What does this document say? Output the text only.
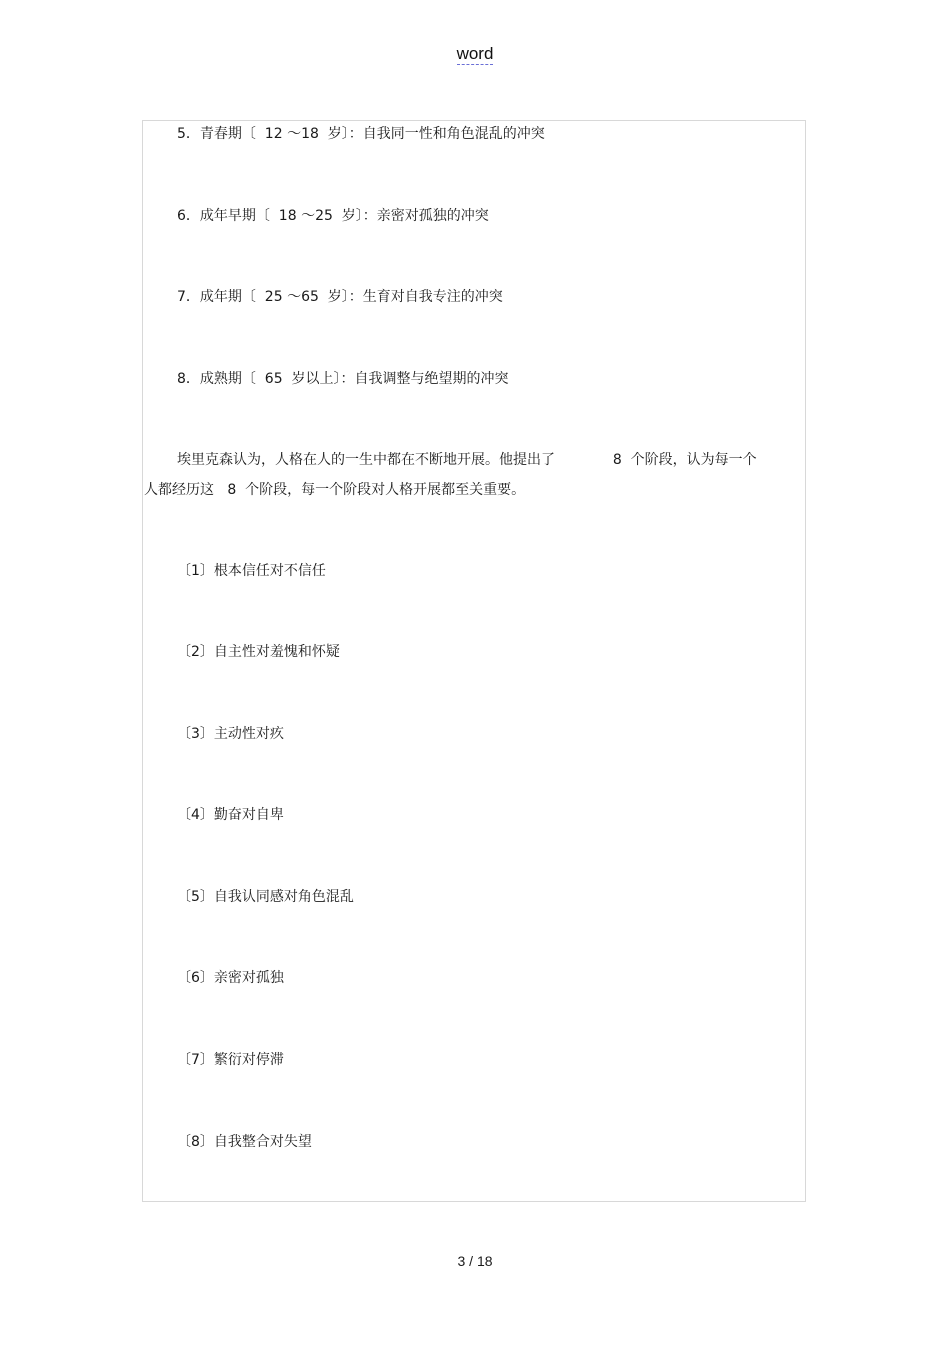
word
5．青春期〔  12 ～18  岁〕：自我同一性和角色混乱的冲突
6．成年早期〔  18 ～25  岁〕：亲密对孤独的冲突
7．成年期〔  25 ～65  岁〕：生育对自我专注的冲突
8．成熟期〔  65  岁以上〕：自我调整与绝望期的冲突
埃里克森认为，人格在人的一生中都在不断地开展。他提出了             8  个阶段，认为每一个
人都经历这   8  个阶段，每一个阶段对人格开展都至关重要。
〔1〕根本信任对不信任
〔2〕自主性对羞愧和怀疑
〔3〕主动性对疚
〔4〕勤奋对自卑
〔5〕自我认同感对角色混乱
〔6〕亲密对孤独
〔7〕繁衍对停滞
〔8〕自我整合对失望
3 / 18
